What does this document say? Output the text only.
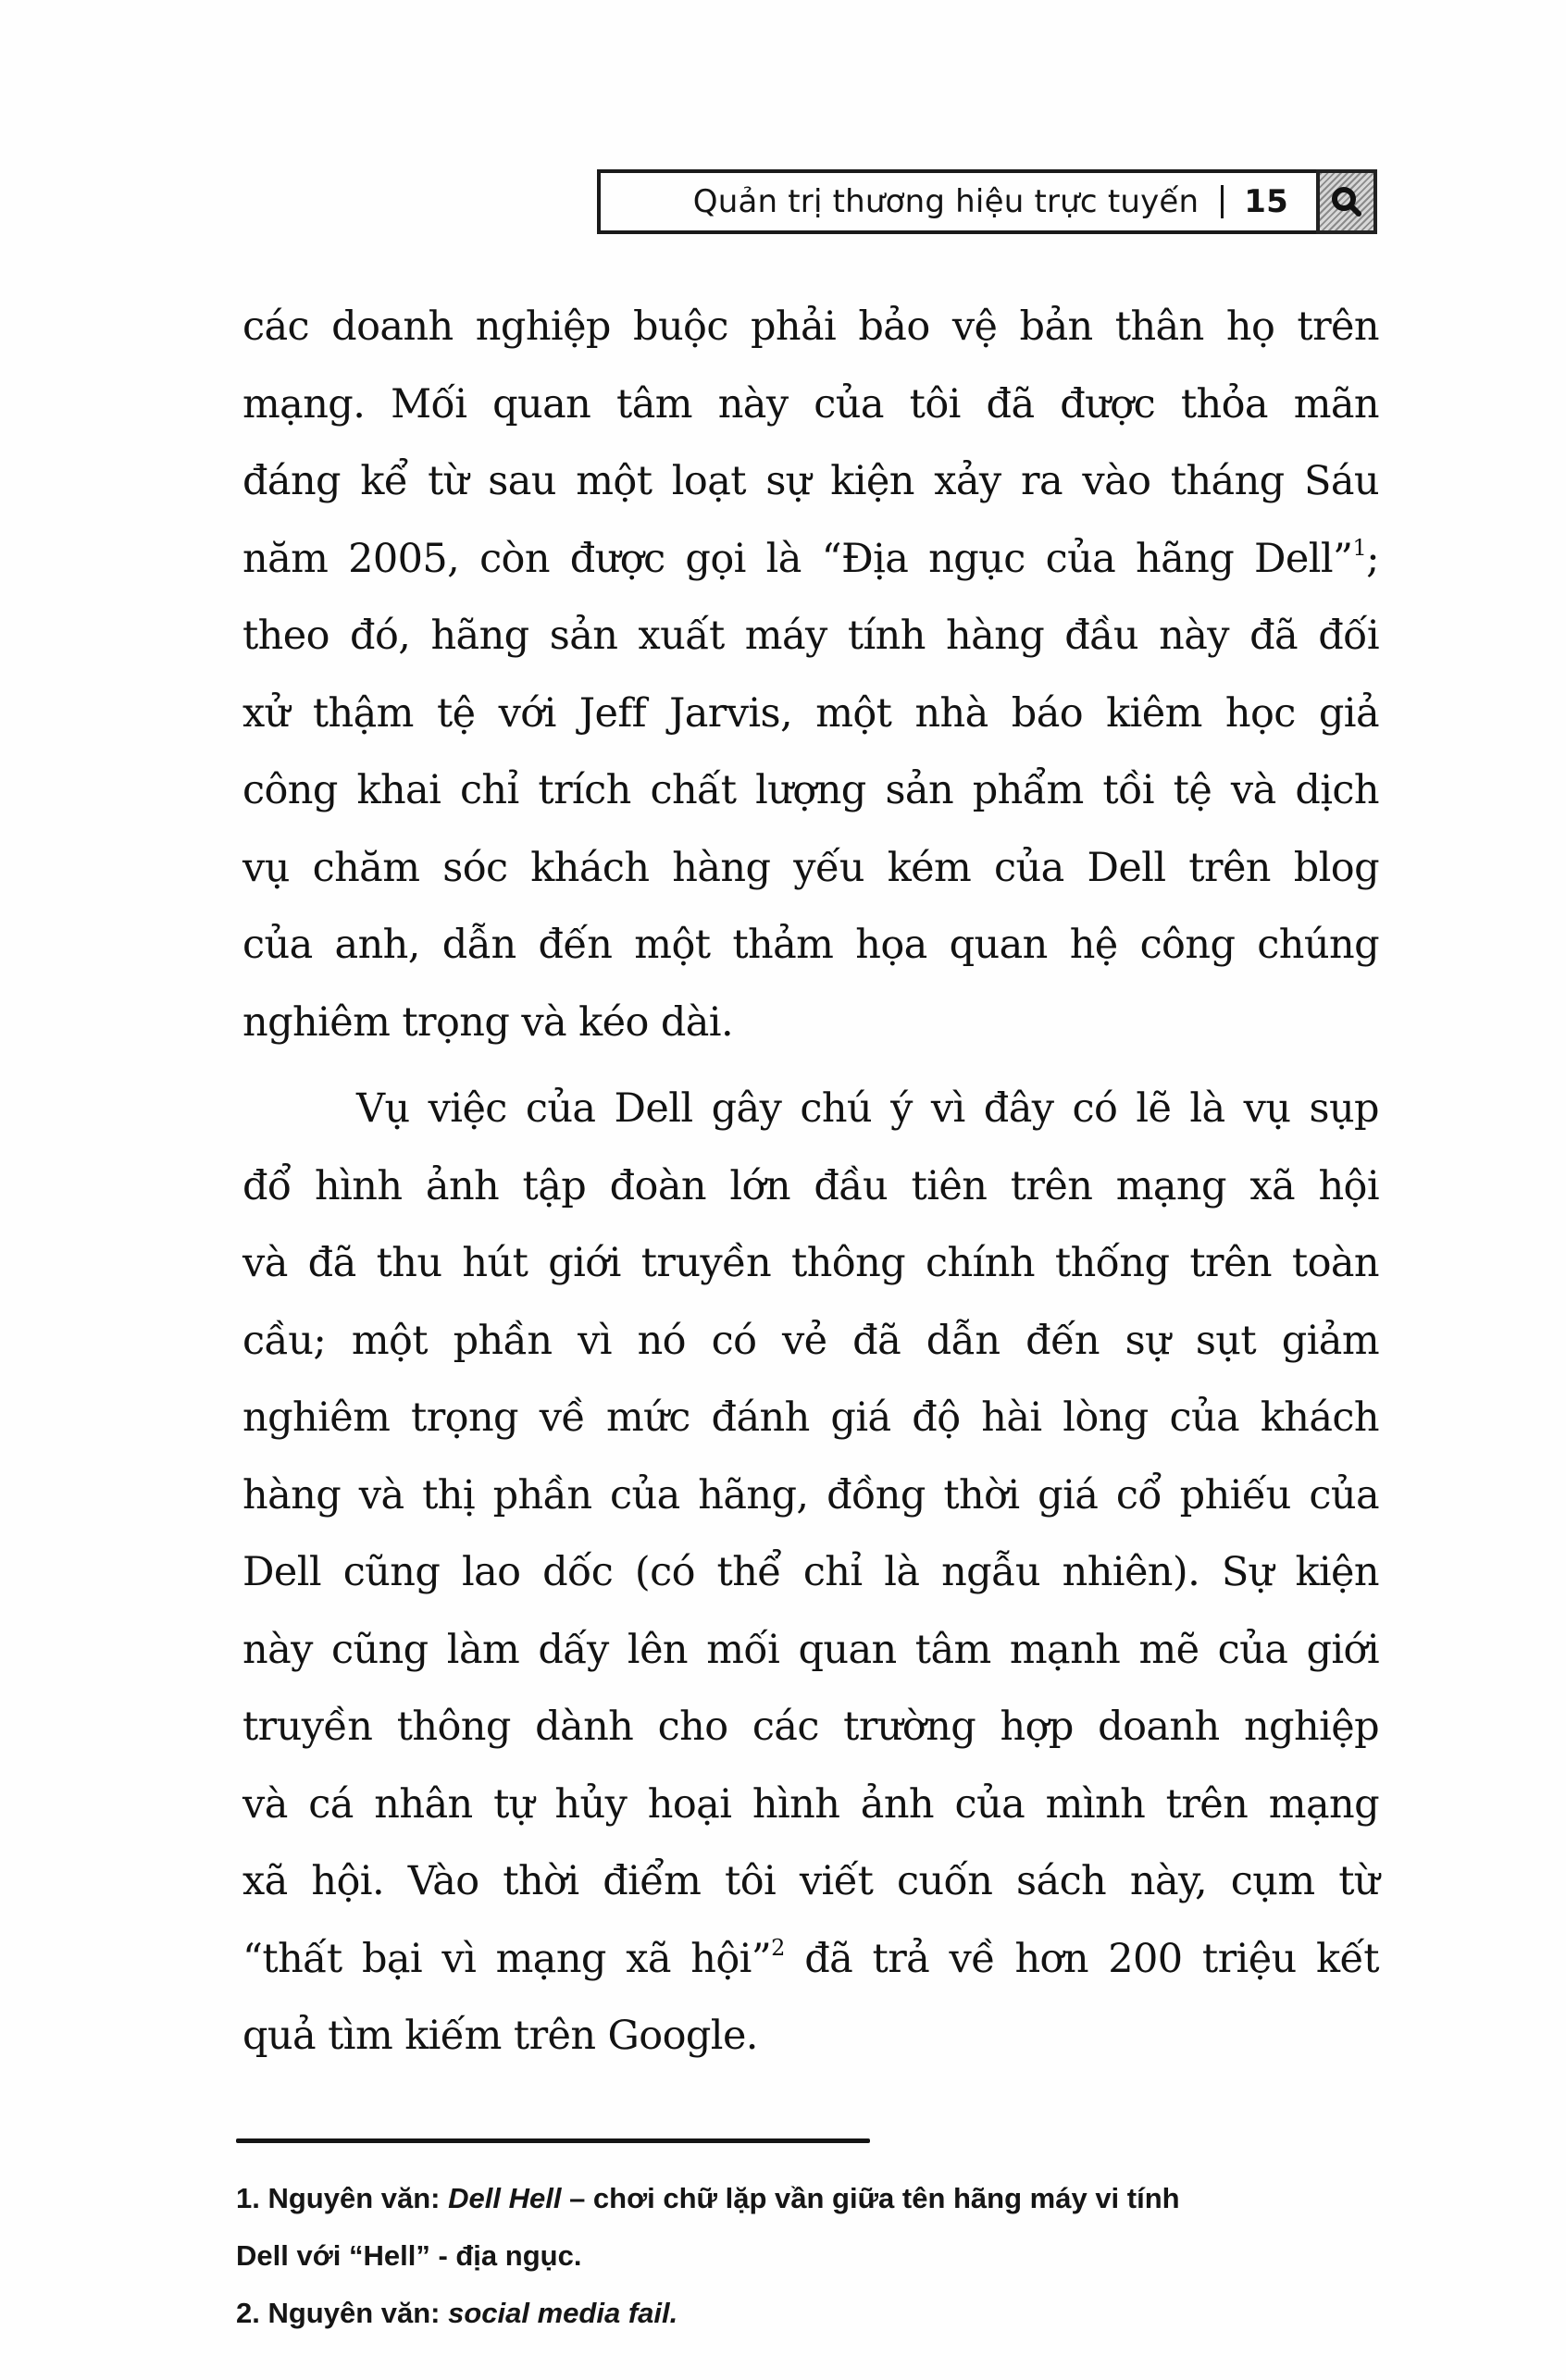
Quản trị thương hiệu trực tuyến 15

các doanh nghiệp buộc phải bảo vệ bản thân họ trên
mạng. Mối quan tâm này của tôi đã được thỏa mãn
đáng kể từ sau một loạt sự kiện xảy ra vào tháng Sáu
năm 2005, còn được gọi là “Địa ngục của hãng Dell”$^1$;
theo đó, hãng sản xuất máy tính hàng đầu này đã đối
xử thậm tệ với Jeff Jarvis, một nhà báo kiêm học giả
công khai chỉ trích chất lượng sản phẩm tồi tệ và dịch
vụ chăm sóc khách hàng yếu kém của Dell trên blog
của anh, dẫn đến một thảm họa quan hệ công chúng
nghiêm trọng và kéo dài.

Vụ việc của Dell gây chú ý vì đây có lẽ là vụ sụp
đổ hình ảnh tập đoàn lớn đầu tiên trên mạng xã hội
và đã thu hút giới truyền thông chính thống trên toàn
cầu; một phần vì nó có vẻ đã dẫn đến sự sụt giảm
nghiêm trọng về mức đánh giá độ hài lòng của khách
hàng và thị phần của hãng, đồng thời giá cổ phiếu của
Dell cũng lao dốc (có thể chỉ là ngẫu nhiên). Sự kiện
này cũng làm dấy lên mối quan tâm mạnh mẽ của giới
truyền thông dành cho các trường hợp doanh nghiệp
và cá nhân tự hủy hoại hình ảnh của mình trên mạng
xã hội. Vào thời điểm tôi viết cuốn sách này, cụm từ
“thất bại vì mạng xã hội”$^2$ đã trả về hơn 200 triệu kết
quả tìm kiếm trên Google.

1. Nguyên văn: Dell Hell – chơi chữ lặp vần giữa tên hãng máy vi tính

Dell với “Hell” - địa ngục.

2. Nguyên văn: social media fail.
